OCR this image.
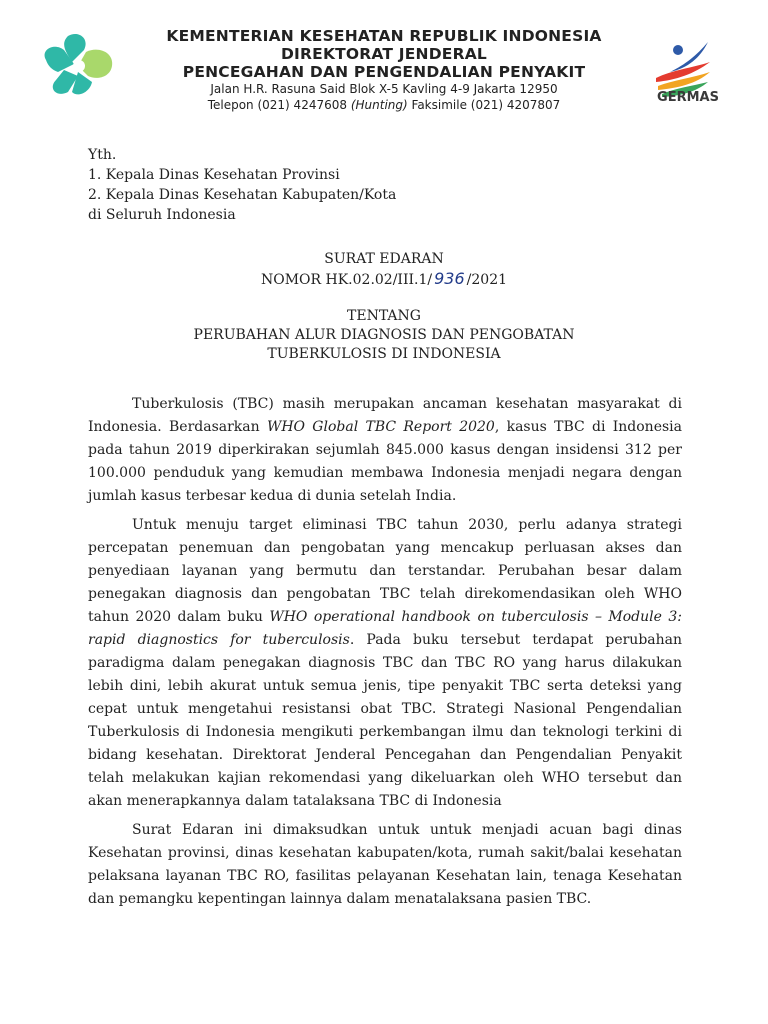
KEMENTERIAN KESEHATAN REPUBLIK INDONESIA
DIREKTORAT JENDERAL
PENCEGAHAN DAN PENGENDALIAN PENYAKIT
Jalan H.R. Rasuna Said Blok X-5 Kavling 4-9 Jakarta 12950
Telepon (021) 4247608 (Hunting) Faksimile (021) 4207807	GERMAS
Yth.
1. Kepala Dinas Kesehatan Provinsi
2. Kepala Dinas Kesehatan Kabupaten/Kota
di Seluruh Indonesia
SURAT EDARAN
NOMOR HK.02.02/III.1/ 936 /2021
TENTANG
PERUBAHAN ALUR DIAGNOSIS DAN PENGOBATAN
TUBERKULOSIS DI INDONESIA

Tuberkulosis (TBC) masih merupakan ancaman kesehatan masyarakat di Indonesia. Berdasarkan WHO Global TBC Report 2020, kasus TBC di Indonesia pada tahun 2019 diperkirakan sejumlah 845.000 kasus dengan insidensi 312 per 100.000 penduduk yang kemudian membawa Indonesia menjadi negara dengan jumlah kasus terbesar kedua di dunia setelah India.

Untuk menuju target eliminasi TBC tahun 2030, perlu adanya strategi percepatan penemuan dan pengobatan yang mencakup perluasan akses dan penyediaan layanan yang bermutu dan terstandar. Perubahan besar dalam penegakan diagnosis dan pengobatan TBC telah direkomendasikan oleh WHO tahun 2020 dalam buku WHO operational handbook on tuberculosis – Module 3: rapid diagnostics for tuberculosis. Pada buku tersebut terdapat perubahan paradigma dalam penegakan diagnosis TBC dan TBC RO yang harus dilakukan lebih dini, lebih akurat untuk semua jenis, tipe penyakit TBC serta deteksi yang cepat untuk mengetahui resistansi obat TBC. Strategi Nasional Pengendalian Tuberkulosis di Indonesia mengikuti perkembangan ilmu dan teknologi terkini di bidang kesehatan. Direktorat Jenderal Pencegahan dan Pengendalian Penyakit telah melakukan kajian rekomendasi yang dikeluarkan oleh WHO tersebut dan akan menerapkannya dalam tatalaksana TBC di Indonesia

Surat Edaran ini dimaksudkan untuk untuk menjadi acuan bagi dinas Kesehatan provinsi, dinas kesehatan kabupaten/kota, rumah sakit/balai kesehatan pelaksana layanan TBC RO, fasilitas pelayanan Kesehatan lain, tenaga Kesehatan dan pemangku kepentingan lainnya dalam menatalaksana pasien TBC.
